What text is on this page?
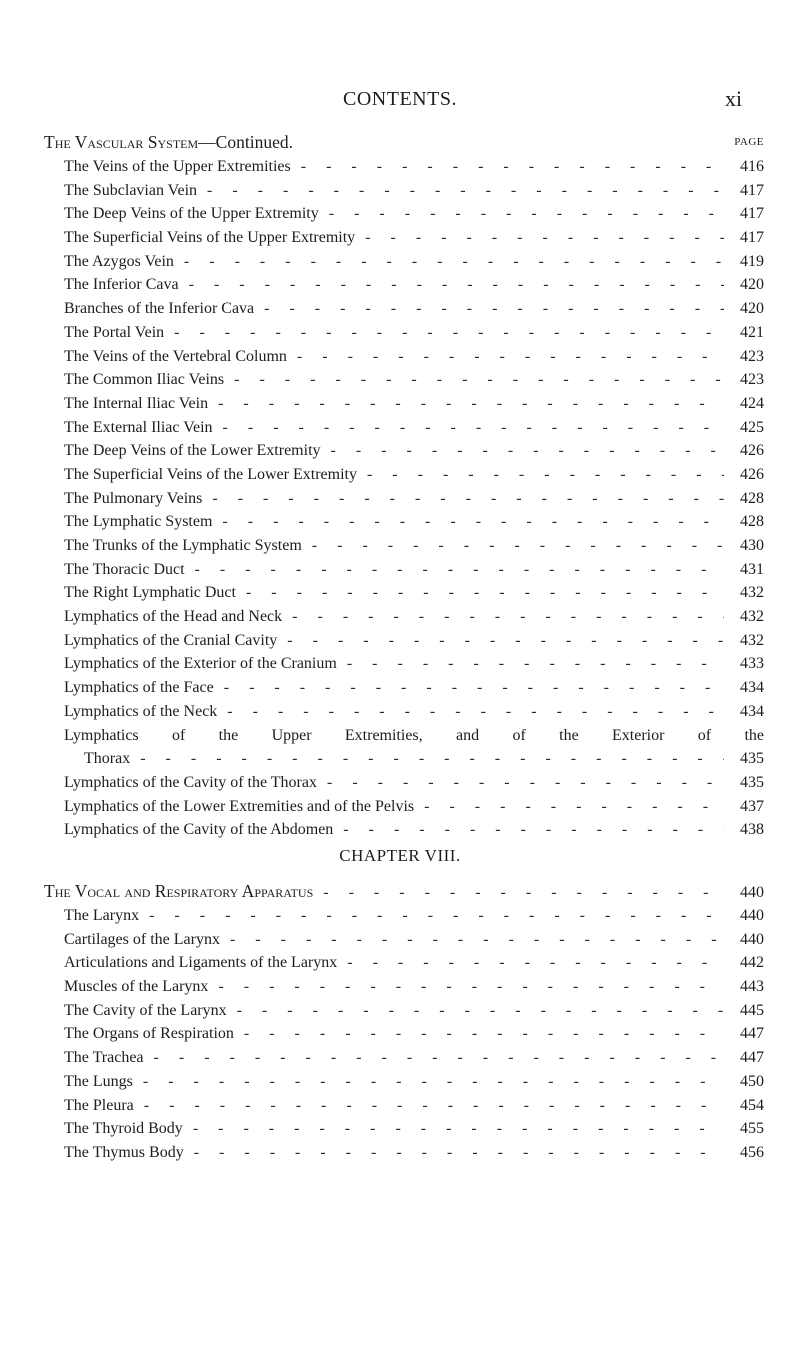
CONTENTS.	xi
The Vascular System—Continued.	PAGE
The Veins of the Upper Extremities - - -	416
The Subclavian Vein - - -	417
The Deep Veins of the Upper Extremity - - -	417
The Superficial Veins of the Upper Extremity - - -	417
The Azygos Vein - - -	419
The Inferior Cava - - -	420
Branches of the Inferior Cava - - -	420
The Portal Vein - - -	421
The Veins of the Vertebral Column - - -	423
The Common Iliac Veins - - -	423
The Internal Iliac Vein - - -	424
The External Iliac Vein - - -	425
The Deep Veins of the Lower Extremity - - -	426
The Superficial Veins of the Lower Extremity - - -	426
The Pulmonary Veins - - -	428
The Lymphatic System - - -	428
The Trunks of the Lymphatic System - - -	430
The Thoracic Duct - - -	431
The Right Lymphatic Duct - - -	432
Lymphatics of the Head and Neck - - -	432
Lymphatics of the Cranial Cavity - - -	432
Lymphatics of the Exterior of the Cranium - - -	433
Lymphatics of the Face - - -	434
Lymphatics of the Neck - - -	434
Lymphatics of the Upper Extremities, and of the Exterior of the
Thorax - - -	435
Lymphatics of the Cavity of the Thorax - - -	435
Lymphatics of the Lower Extremities and of the Pelvis - - -	437
Lymphatics of the Cavity of the Abdomen - - -	438
CHAPTER VIII.
The Vocal and Respiratory Apparatus - - -	440
The Larynx - - -	440
Cartilages of the Larynx - - -	440
Articulations and Ligaments of the Larynx - - -	442
Muscles of the Larynx - - -	443
The Cavity of the Larynx - - -	445
The Organs of Respiration - - -	447
The Trachea - - -	447
The Lungs - - -	450
The Pleura - - -	454
The Thyroid Body - - -	455
The Thymus Body - - -	456
